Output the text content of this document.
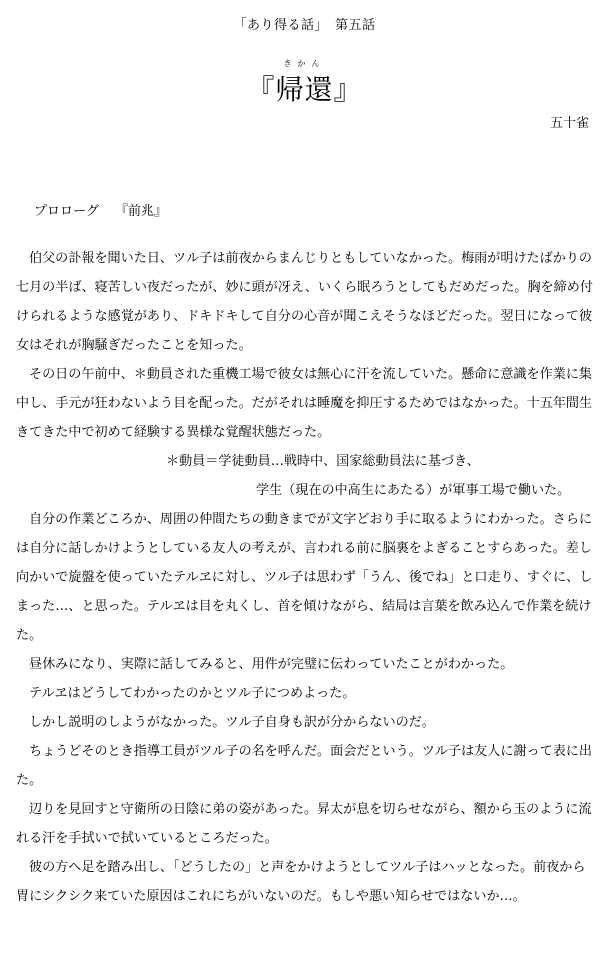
「あり得る話」　第五話
きかん
『帰還』
五十雀
プロローグ 『前兆』

伯父の訃報を聞いた日、ツル子は前夜からまんじりともしていなかった。梅雨が明けたばかりの七月の半ば、寝苦しい夜だったが、妙に頭が冴え、いくら眠ろうとしてもだめだった。胸を締め付けられるような感覚があり、ドキドキして自分の心音が聞こえそうなほどだった。翌日になって彼女はそれが胸騒ぎだったことを知った。

その日の午前中、＊動員された重機工場で彼女は無心に汗を流していた。懸命に意識を作業に集中し、手元が狂わないよう目を配った。だがそれは睡魔を抑圧するためではなかった。十五年間生きてきた中で初めて経験する異様な覚醒状態だった。

＊動員＝学徒動員…戦時中、国家総動員法に基づき、

学生（現在の中高生にあたる）が軍事工場で働いた。

自分の作業どころか、周囲の仲間たちの動きまでが文字どおり手に取るようにわかった。さらには自分に話しかけようとしている友人の考えが、言われる前に脳裏をよぎることすらあった。差し向かいで旋盤を使っていたテルヱに対し、ツル子は思わず「うん、後でね」と口走り、すぐに、しまった…、と思った。テルヱは目を丸くし、首を傾けながら、結局は言葉を飲み込んで作業を続けた。

昼休みになり、実際に話してみると、用件が完璧に伝わっていたことがわかった。

テルヱはどうしてわかったのかとツル子につめよった。

しかし説明のしようがなかった。ツル子自身も訳が分からないのだ。

ちょうどそのとき指導工員がツル子の名を呼んだ。面会だという。ツル子は友人に謝って表に出た。

辺りを見回すと守衛所の日陰に弟の姿があった。昇太が息を切らせながら、額から玉のように流れる汗を手拭いで拭いているところだった。

彼の方へ足を踏み出し、「どうしたの」と声をかけようとしてツル子はハッとなった。前夜から胃にシクシク来ていた原因はこれにちがいないのだ。もしや悪い知らせではないか…。
